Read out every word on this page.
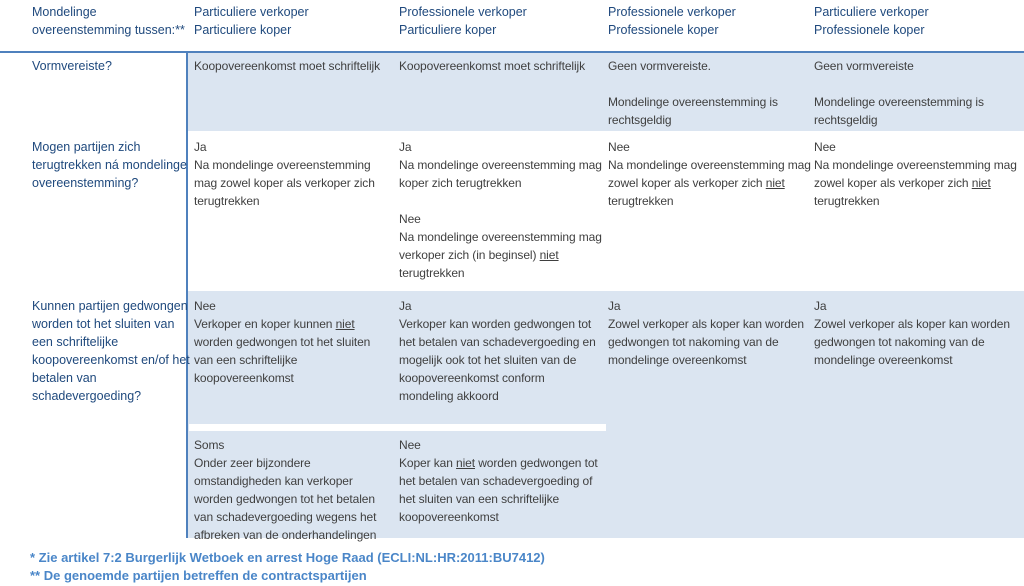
Mondelinge
overeenstemming tussen:**
Particuliere verkoper
Particuliere koper
Professionele verkoper
Particuliere koper
Professionele verkoper
Professionele koper
Particuliere verkoper
Professionele koper
Vormvereiste?
Mogen partijen zich terugtrekken ná mondelinge overeenstemming?
Kunnen partijen gedwongen worden tot het sluiten van een schriftelijke koopovereenkomst en/of het betalen van schadevergoeding?
Koopovereenkomst moet schriftelijk	Koopovereenkomst moet schriftelijk	Geen vormvereiste.
Mondelinge overeenstemming is rechtsgeldig
Geen vormvereiste
Mondelinge overeenstemming is rechtsgeldig
Ja
Na mondelinge overeenstemming mag zowel koper als verkoper zich terugtrekken
Ja
Na mondelinge overeenstemming mag koper zich terugtrekken
Nee
Na mondelinge overeenstemming mag verkoper zich (in beginsel) niet terugtrekken
Nee
Na mondelinge overeenstemming mag zowel koper als verkoper zich niet terugtrekken
Nee
Na mondelinge overeenstemming mag zowel koper als verkoper zich niet terugtrekken
Nee
Verkoper en koper kunnen niet worden gedwongen tot het sluiten van een schriftelijke koopovereenkomst
Ja
Verkoper kan worden gedwongen tot het betalen van schadevergoeding en mogelijk ook tot het sluiten van de koopovereenkomst conform mondeling akkoord
Ja
Zowel verkoper als koper kan worden gedwongen tot nakoming van de mondelinge overeenkomst
Ja
Zowel verkoper als koper kan worden gedwongen tot nakoming van de mondelinge overeenkomst
Soms
Onder zeer bijzondere omstandigheden kan verkoper worden gedwongen tot het betalen van schadevergoeding wegens het afbreken van de onderhandelingen
Nee
Koper kan niet worden gedwongen tot het betalen van schadevergoeding of het sluiten van een schriftelijke koopovereenkomst
* Zie artikel 7:2 Burgerlijk Wetboek en arrest Hoge Raad (ECLI:NL:HR:2011:BU7412)
** De genoemde partijen betreffen de contractspartijen
